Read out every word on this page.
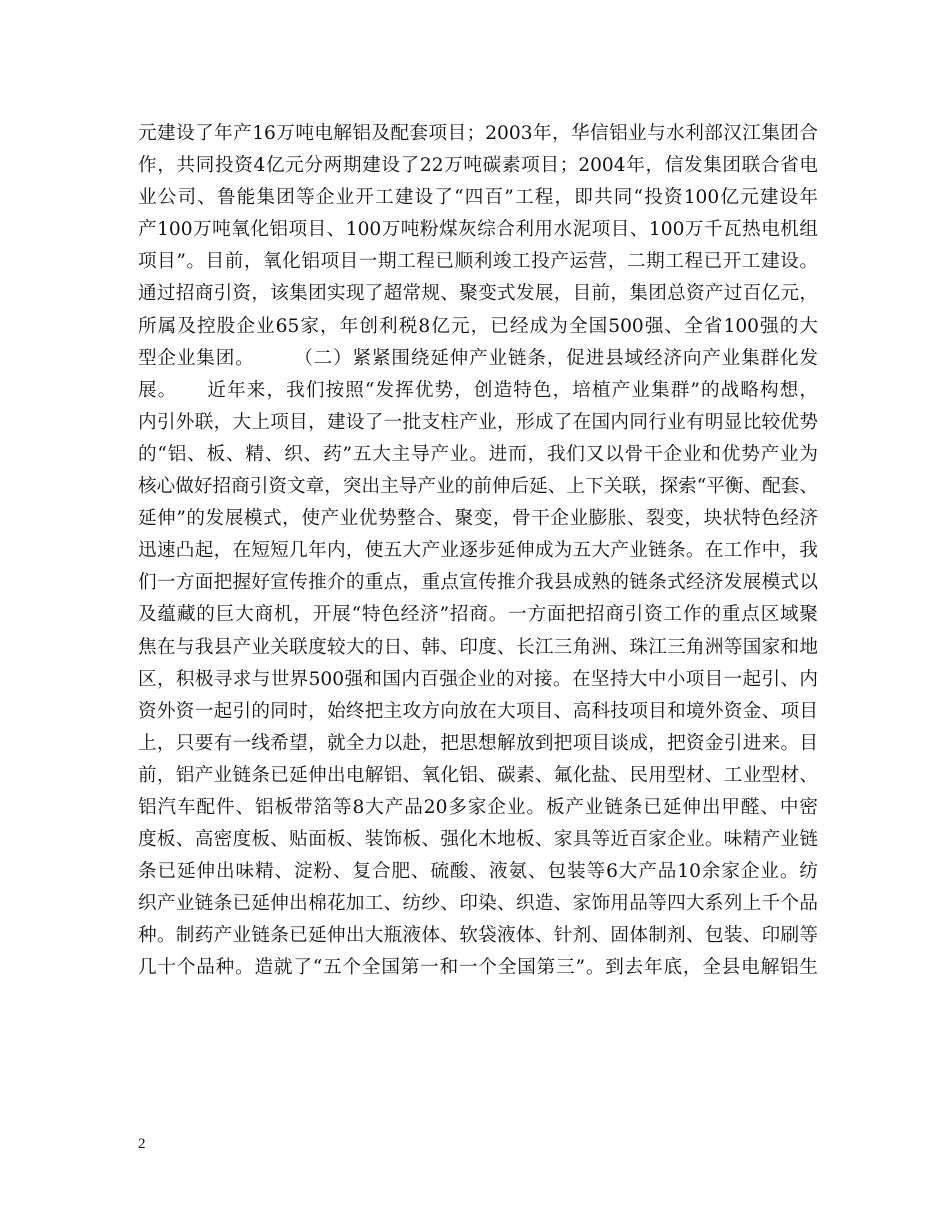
元建设了年产16万吨电解铝及配套项目；2003年，华信铝业与水利部汉江集团合
作，共同投资4亿元分两期建设了22万吨碳素项目；2004年，信发集团联合省电
业公司、鲁能集团等企业开工建设了“四百”工程，即共同“投资100亿元建设年
产100万吨氧化铝项目、100万吨粉煤灰综合利用水泥项目、100万千瓦热电机组
项目”。目前，氧化铝项目一期工程已顺利竣工投产运营，二期工程已开工建设。
通过招商引资，该集团实现了超常规、聚变式发展，目前，集团总资产过百亿元，
所属及控股企业65家，年创利税8亿元，已经成为全国500强、全省100强的大
型企业集团。　　　（二）紧紧围绕延伸产业链条，促进县域经济向产业集群化发
展。　　近年来，我们按照“发挥优势，创造特色，培植产业集群”的战略构想，
内引外联，大上项目，建设了一批支柱产业，形成了在国内同行业有明显比较优势
的“铝、板、精、织、药”五大主导产业。进而，我们又以骨干企业和优势产业为
核心做好招商引资文章，突出主导产业的前伸后延、上下关联，探索“平衡、配套、
延伸”的发展模式，使产业优势整合、聚变，骨干企业膨胀、裂变，块状特色经济
迅速凸起，在短短几年内，使五大产业逐步延伸成为五大产业链条。在工作中，我
们一方面把握好宣传推介的重点，重点宣传推介我县成熟的链条式经济发展模式以
及蕴藏的巨大商机，开展“特色经济”招商。一方面把招商引资工作的重点区域聚
焦在与我县产业关联度较大的日、韩、印度、长江三角洲、珠江三角洲等国家和地
区，积极寻求与世界500强和国内百强企业的对接。在坚持大中小项目一起引、内
资外资一起引的同时，始终把主攻方向放在大项目、高科技项目和境外资金、项目
上，只要有一线希望，就全力以赴，把思想解放到把项目谈成，把资金引进来。目
前，铝产业链条已延伸出电解铝、氧化铝、碳素、氟化盐、民用型材、工业型材、
铝汽车配件、铝板带箔等8大产品20多家企业。板产业链条已延伸出甲醛、中密
度板、高密度板、贴面板、装饰板、强化木地板、家具等近百家企业。味精产业链
条已延伸出味精、淀粉、复合肥、硫酸、液氨、包装等6大产品10余家企业。纺
织产业链条已延伸出棉花加工、纺纱、印染、织造、家饰用品等四大系列上千个品
种。制药产业链条已延伸出大瓶液体、软袋液体、针剂、固体制剂、包装、印刷等
几十个品种。造就了“五个全国第一和一个全国第三”。到去年底，全县电解铝生
2
